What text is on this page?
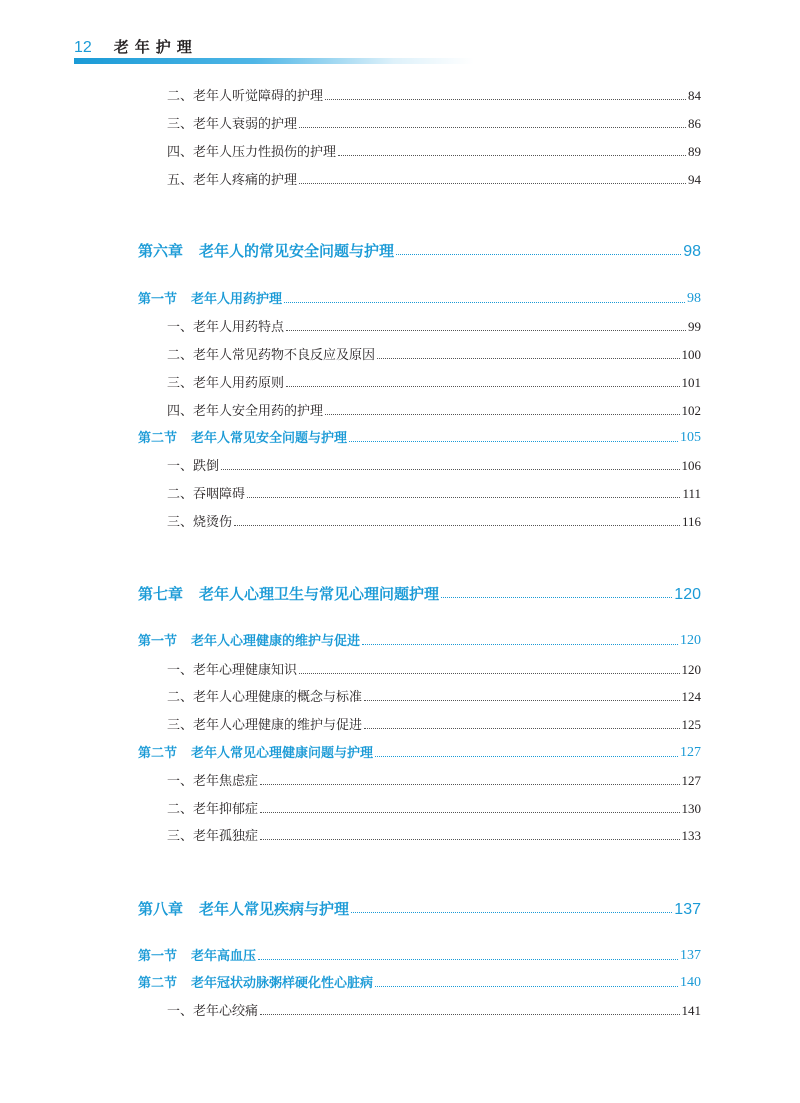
12 老年护理
二、老年人听觉障碍的护理	84
三、老年人衰弱的护理	86
四、老年人压力性损伤的护理	89
五、老年人疼痛的护理	94
第六章 老年人的常见安全问题与护理	98
第一节 老年人用药护理	98
一、老年人用药特点	99
二、老年人常见药物不良反应及原因	100
三、老年人用药原则	101
四、老年人安全用药的护理	102
第二节 老年人常见安全问题与护理	105
一、跌倒	106
二、吞咽障碍	111
三、烧烫伤	116
第七章 老年人心理卫生与常见心理问题护理	120
第一节 老年人心理健康的维护与促进	120
一、老年心理健康知识	120
二、老年人心理健康的概念与标准	124
三、老年人心理健康的维护与促进	125
第二节 老年人常见心理健康问题与护理	127
一、老年焦虑症	127
二、老年抑郁症	130
三、老年孤独症	133
第八章 老年人常见疾病与护理	137
第一节 老年高血压	137
第二节 老年冠状动脉粥样硬化性心脏病	140
一、老年心绞痛	141
